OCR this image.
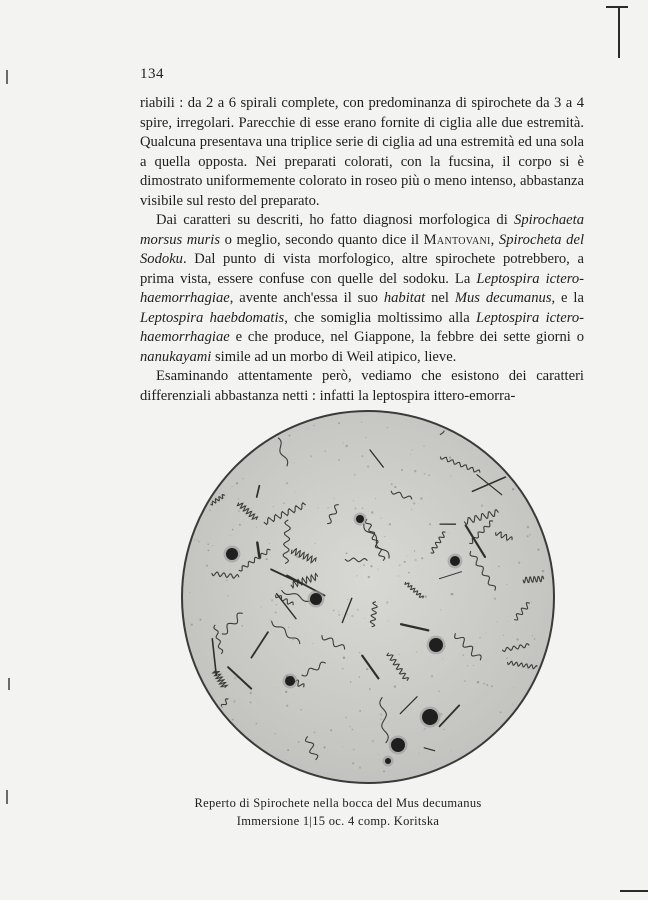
134

riabili : da 2 a 6 spirali complete, con predominanza di spirochete da 3 a 4 spire, irregolari. Parecchie di esse erano fornite di ciglia alle due estremità. Qualcuna presentava una triplice serie di ciglia ad una estremità ed una sola a quella opposta. Nei preparati colorati, con la fucsina, il corpo si è dimostrato uniformemente colorato in roseo più o meno intenso, abbastanza visibile sul resto del preparato.

Dai caratteri su descriti, ho fatto diagnosi morfologica di Spirochaeta morsus muris o meglio, secondo quanto dice il Mantovani, Spirocheta del Sodoku. Dal punto di vista morfologico, altre spirochete potrebbero, a prima vista, essere confuse con quelle del sodoku. La Leptospira ictero-haemorrhagiae, avente anch'essa il suo habitat nel Mus decumanus, e la Leptospira haebdomatis, che somiglia moltissimo alla Leptospira ictero-haemorrhagiae e che produce, nel Giappone, la febbre dei sette giorni o nanukayami simile ad un morbo di Weil atipico, lieve.

Esaminando attentamente però, vediamo che esistono dei caratteri differenziali abbastanza netti : infatti la leptospira ittero-emorra-

Reperto di Spirochete nella bocca del Mus decumanus
Immersione 1|15 oc. 4 comp. Koritska
